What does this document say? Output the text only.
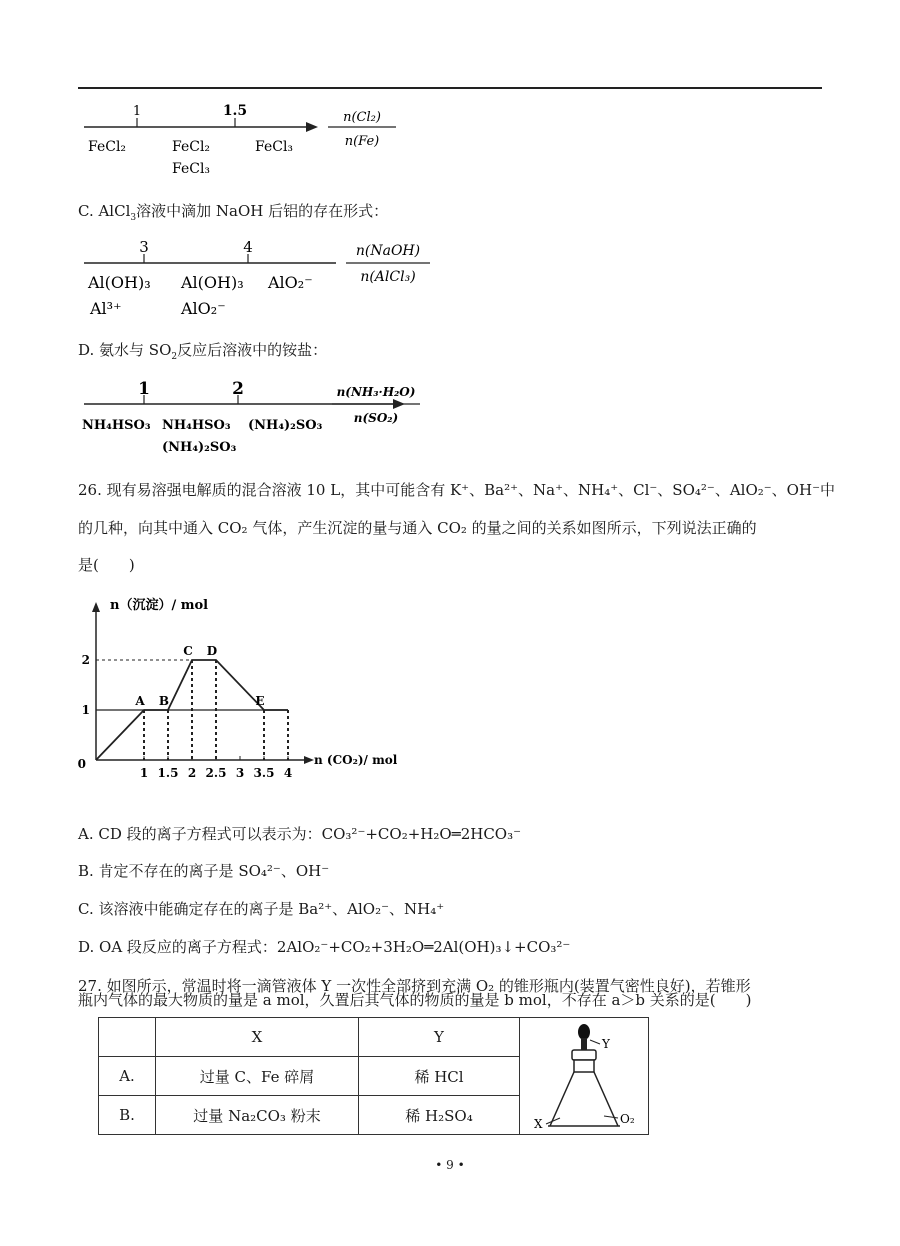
1	1.5
FeCl₂	FeCl₂
FeCl₃
FeCl₃
n(Cl₂)
n(Fe)
C. AlCl$_3$溶液中滴加 NaOH 后铝的存在形式：
3	4
Al(OH)₃
Al³⁺
Al(OH)₃
AlO₂⁻
AlO₂⁻
n(NaOH)
n(AlCl₃)
D. 氨水与 $SO_2$反应后溶液中的铵盐：
1	2
NH₄HSO₃ NH₄HSO₃
(NH₄)₂SO₃
(NH₄)₂SO₃
n(NH₃·H₂O)
n(SO₂)
26. 现有易溶强电解质的混合溶液 10 L，其中可能含有 K⁺、Ba²⁺、Na⁺、NH₄⁺、Cl⁻、SO₄²⁻、AlO₂⁻、OH⁻中
的几种，向其中通入 CO₂ 气体，产生沉淀的量与通入 CO₂ 的量之间的关系如图所示，下列说法正确的
是(　　)
n（沉淀）/ mol
n (CO₂)/ mol
0
1 1.5 2 2.5 3 3.5 4
1
2
A B
C D
E
A. CD 段的离子方程式可以表示为：CO₃²⁻+CO₂+H₂O═2HCO₃⁻
B. 肯定不存在的离子是 SO₄²⁻、OH⁻
C. 该溶液中能确定存在的离子是 Ba²⁺、AlO₂⁻、NH₄⁺
D. OA 段反应的离子方程式：2AlO₂⁻+CO₂+3H₂O═2Al(OH)₃↓+CO₃²⁻
27. 如图所示，常温时将一滴管液体 Y 一次性全部挤到充满 O₂ 的锥形瓶内(装置气密性良好)，若锥形
瓶内气体的最大物质的量是 a mol，久置后其气体的物质的量是 b mol，不存在 a＞b 关系的是(　　)
	X	Y	Y
X O₂

A.	过量 C、Fe 碎屑	稀 HCl	
B.	过量 Na₂CO₃ 粉末	稀 H₂SO₄	
• 9 •
